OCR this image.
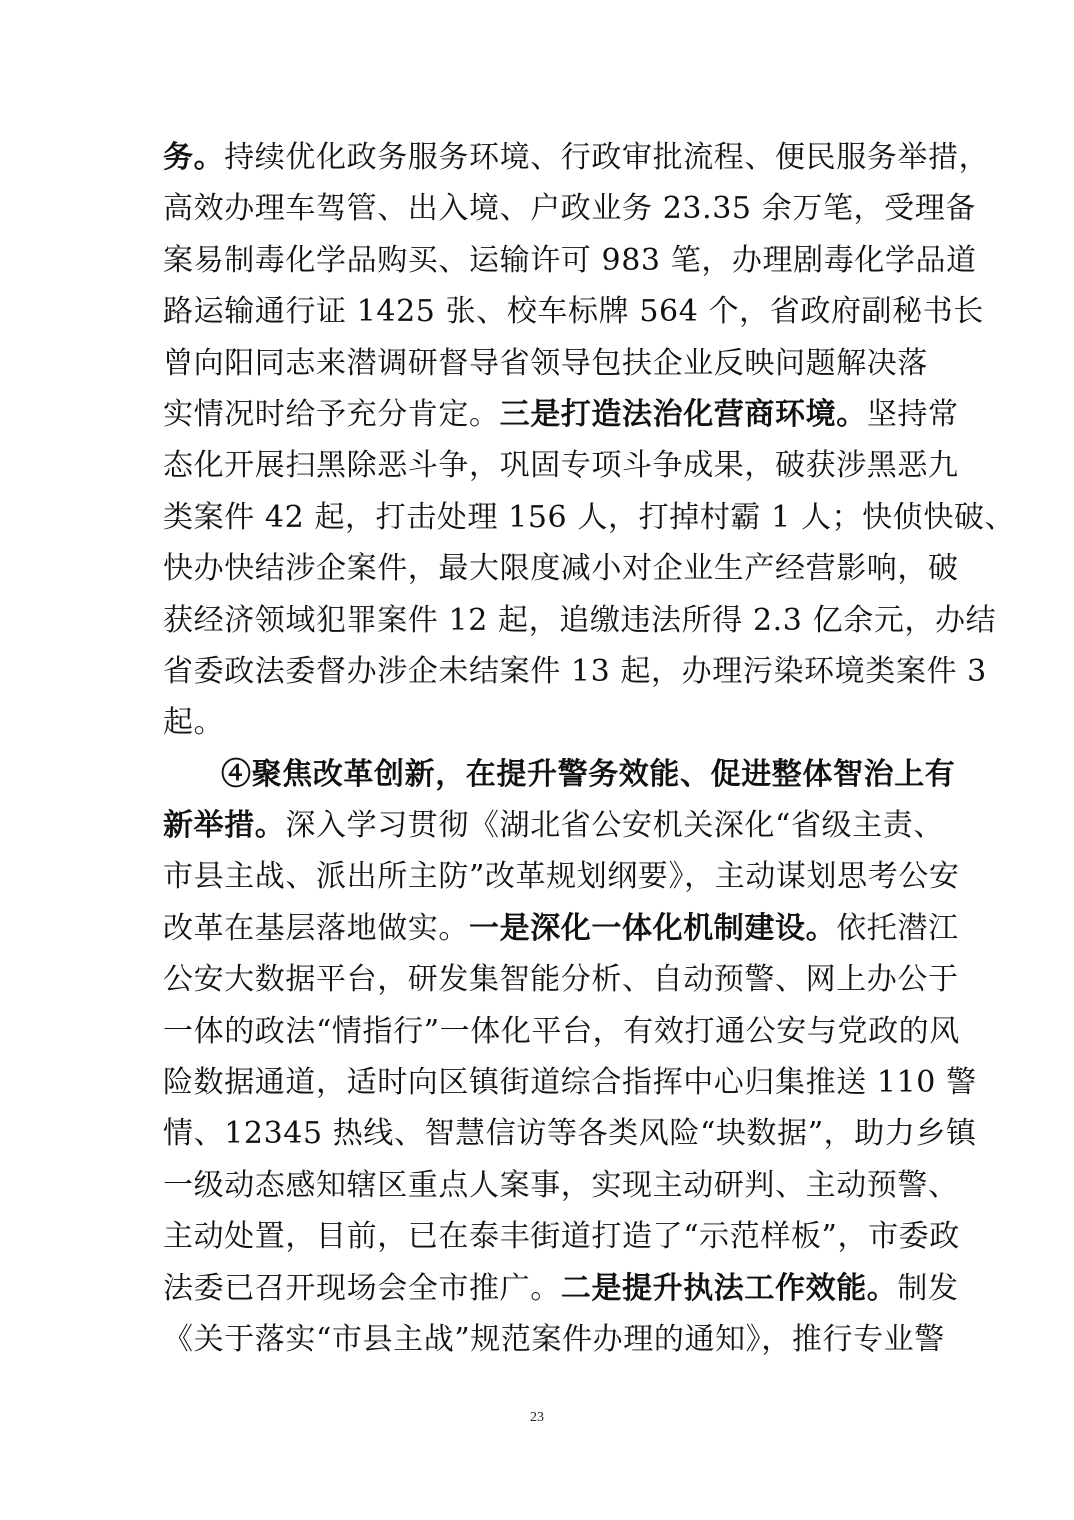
务。持续优化政务服务环境、行政审批流程、便民服务举措，
高效办理车驾管、出入境、户政业务 23.35 余万笔，受理备
案易制毒化学品购买、运输许可 983 笔，办理剧毒化学品道
路运输通行证 1425 张、校车标牌 564 个，省政府副秘书长
曾向阳同志来潜调研督导省领导包扶企业反映问题解决落
实情况时给予充分肯定。三是打造法治化营商环境。坚持常
态化开展扫黑除恶斗争，巩固专项斗争成果，破获涉黑恶九
类案件 42 起，打击处理 156 人，打掉村霸 1 人；快侦快破、
快办快结涉企案件，最大限度减小对企业生产经营影响，破
获经济领域犯罪案件 12 起，追缴违法所得 2.3 亿余元，办结
省委政法委督办涉企未结案件 13 起，办理污染环境类案件 3
起。
④聚焦改革创新，在提升警务效能、促进整体智治上有
新举措。深入学习贯彻《湖北省公安机关深化“省级主责、
市县主战、派出所主防”改革规划纲要》，主动谋划思考公安
改革在基层落地做实。一是深化一体化机制建设。依托潜江
公安大数据平台，研发集智能分析、自动预警、网上办公于
一体的政法“情指行”一体化平台，有效打通公安与党政的风
险数据通道，适时向区镇街道综合指挥中心归集推送 110 警
情、12345 热线、智慧信访等各类风险“块数据”，助力乡镇
一级动态感知辖区重点人案事，实现主动研判、主动预警、
主动处置，目前，已在泰丰街道打造了“示范样板”，市委政
法委已召开现场会全市推广。二是提升执法工作效能。制发
《关于落实“市县主战”规范案件办理的通知》，推行专业警
23
